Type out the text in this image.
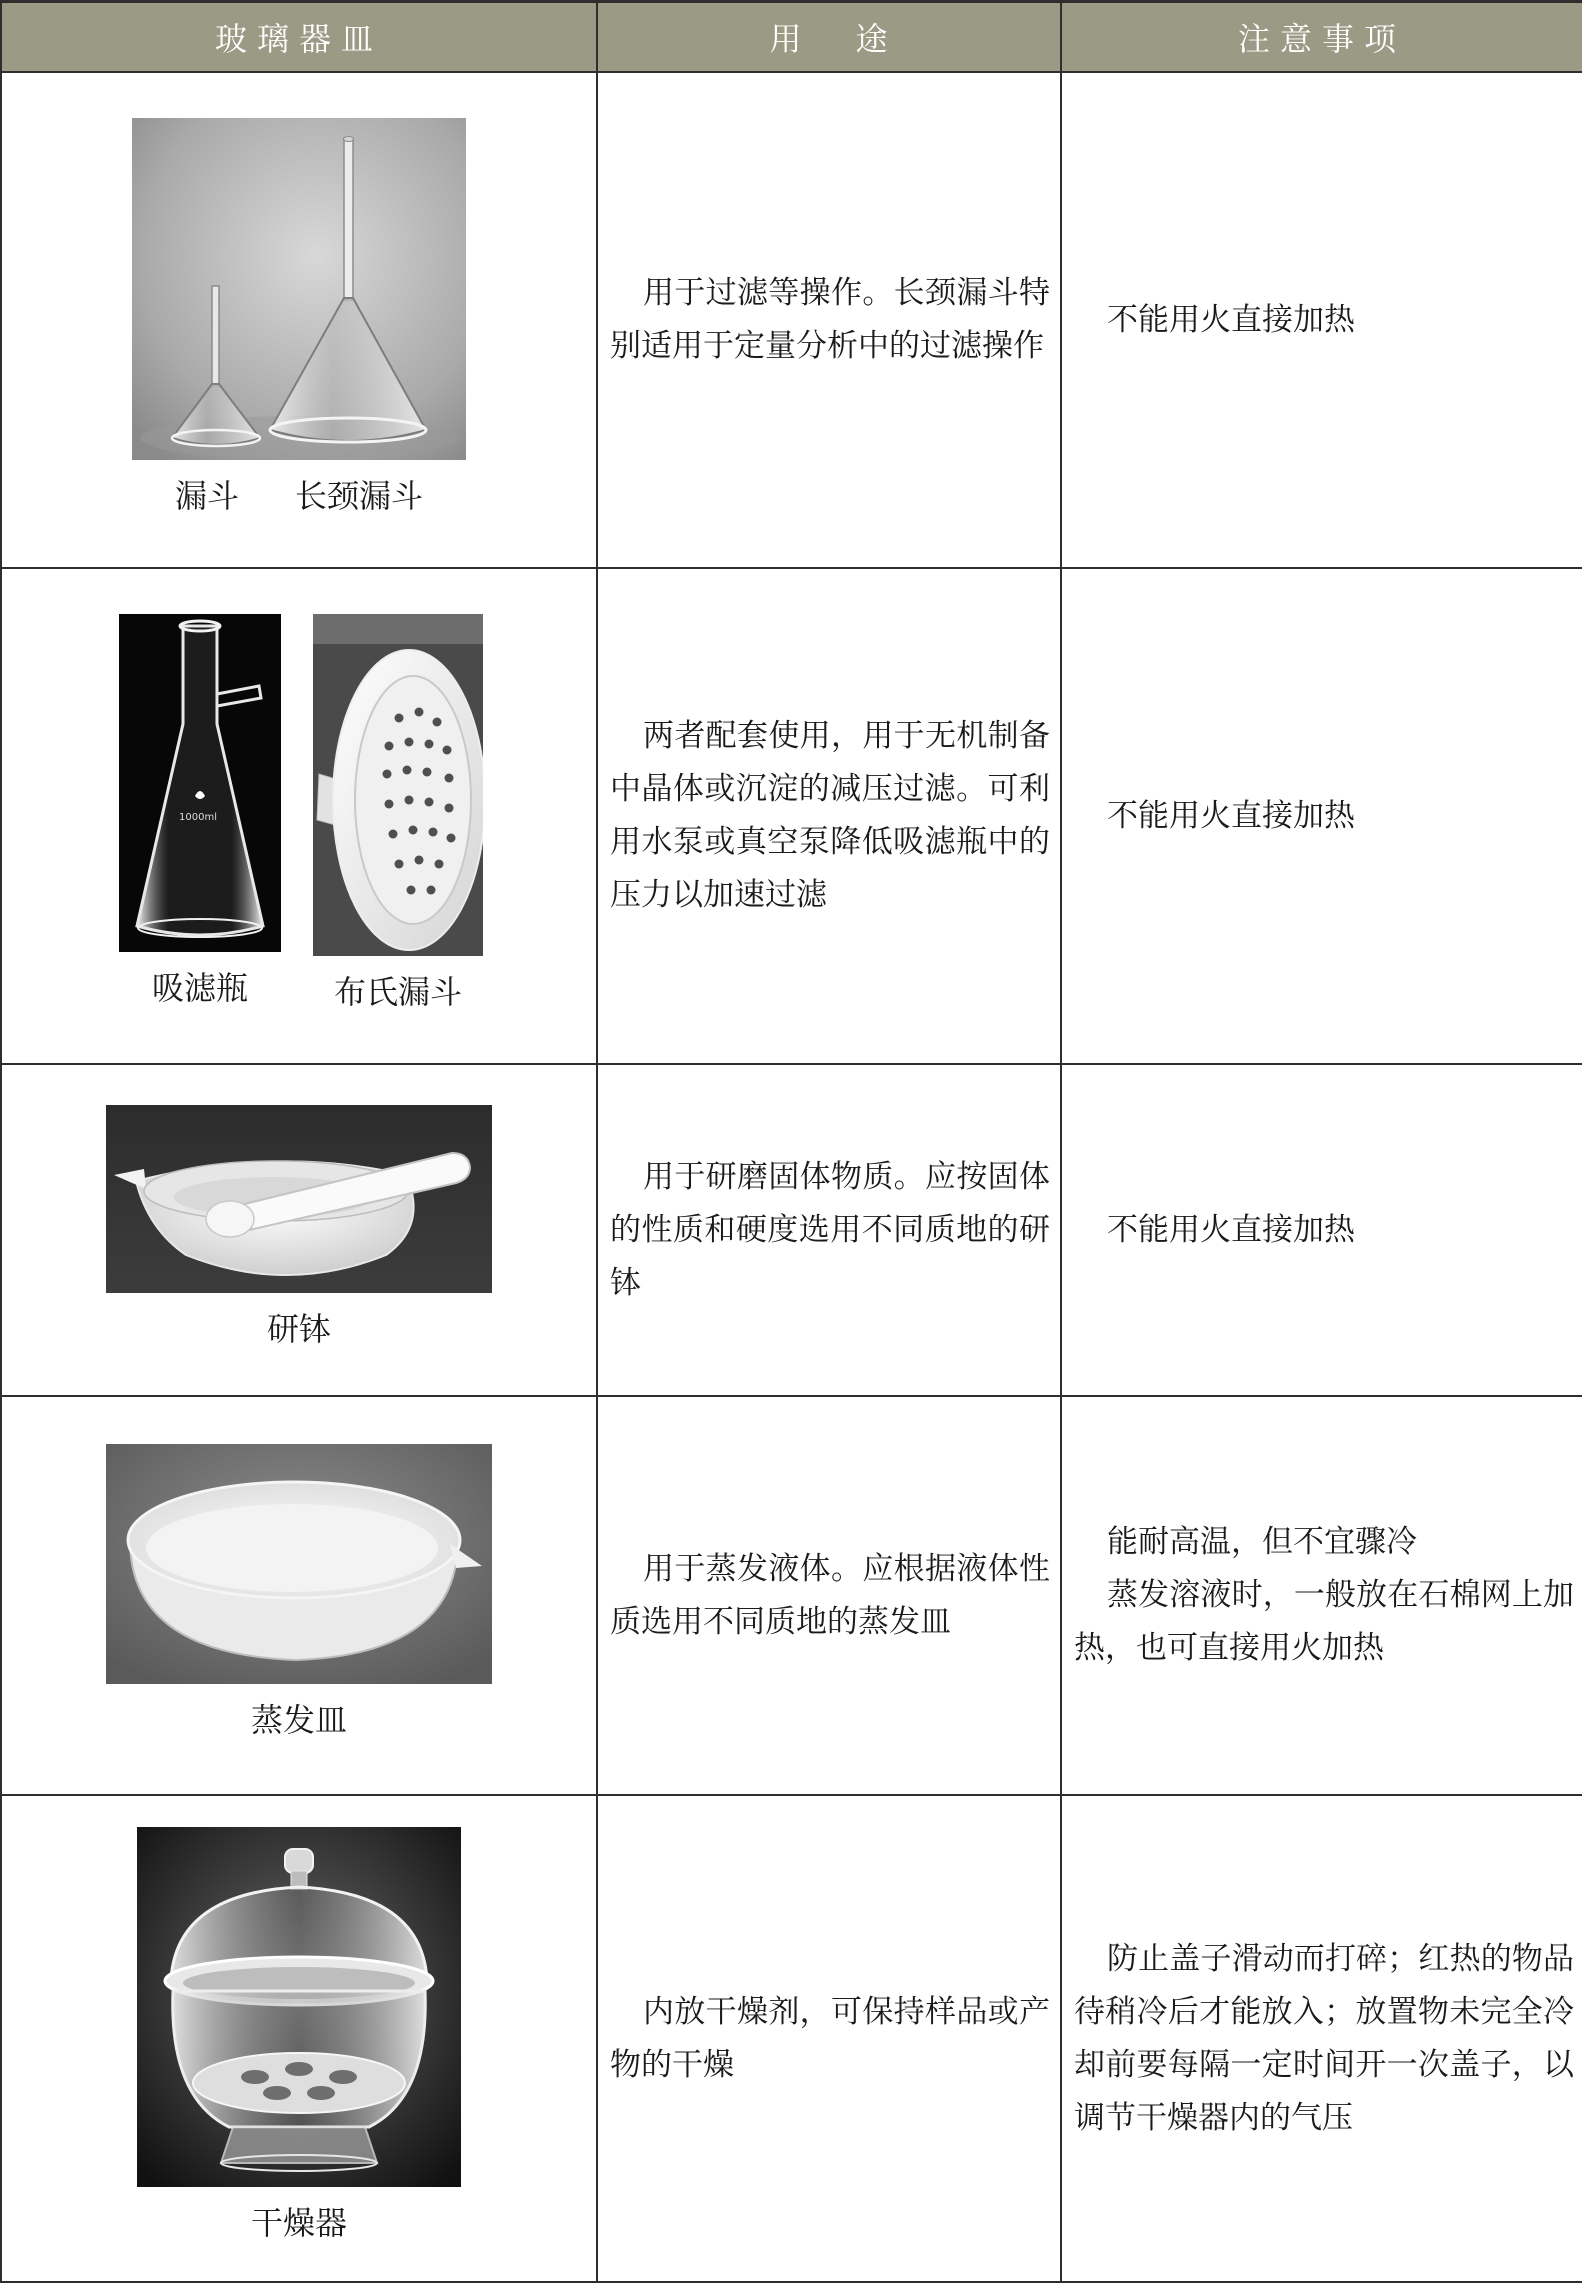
玻璃器皿	用途	注意事项

漏斗 长颈漏斗	用于过滤等操作。长颈漏斗特别适用于定量分析中的过滤操作	不能用火直接加热

1000ml
吸滤瓶 布氏漏斗	两者配套使用，用于无机制备中晶体或沉淀的减压过滤。可利用水泵或真空泵降低吸滤瓶中的压力以加速过滤	不能用火直接加热

研钵	用于研磨固体物质。应按固体的性质和硬度选用不同质地的研钵	不能用火直接加热

蒸发皿	用于蒸发液体。应根据液体性质选用不同质地的蒸发皿	能耐高温，但不宜骤冷

蒸发溶液时，一般放在石棉网上加热，也可直接用火加热

干燥器	内放干燥剂，可保持样品或产物的干燥	防止盖子滑动而打碎；红热的物品待稍冷后才能放入；放置物未完全冷却前要每隔一定时间开一次盖子，以调节干燥器内的气压
